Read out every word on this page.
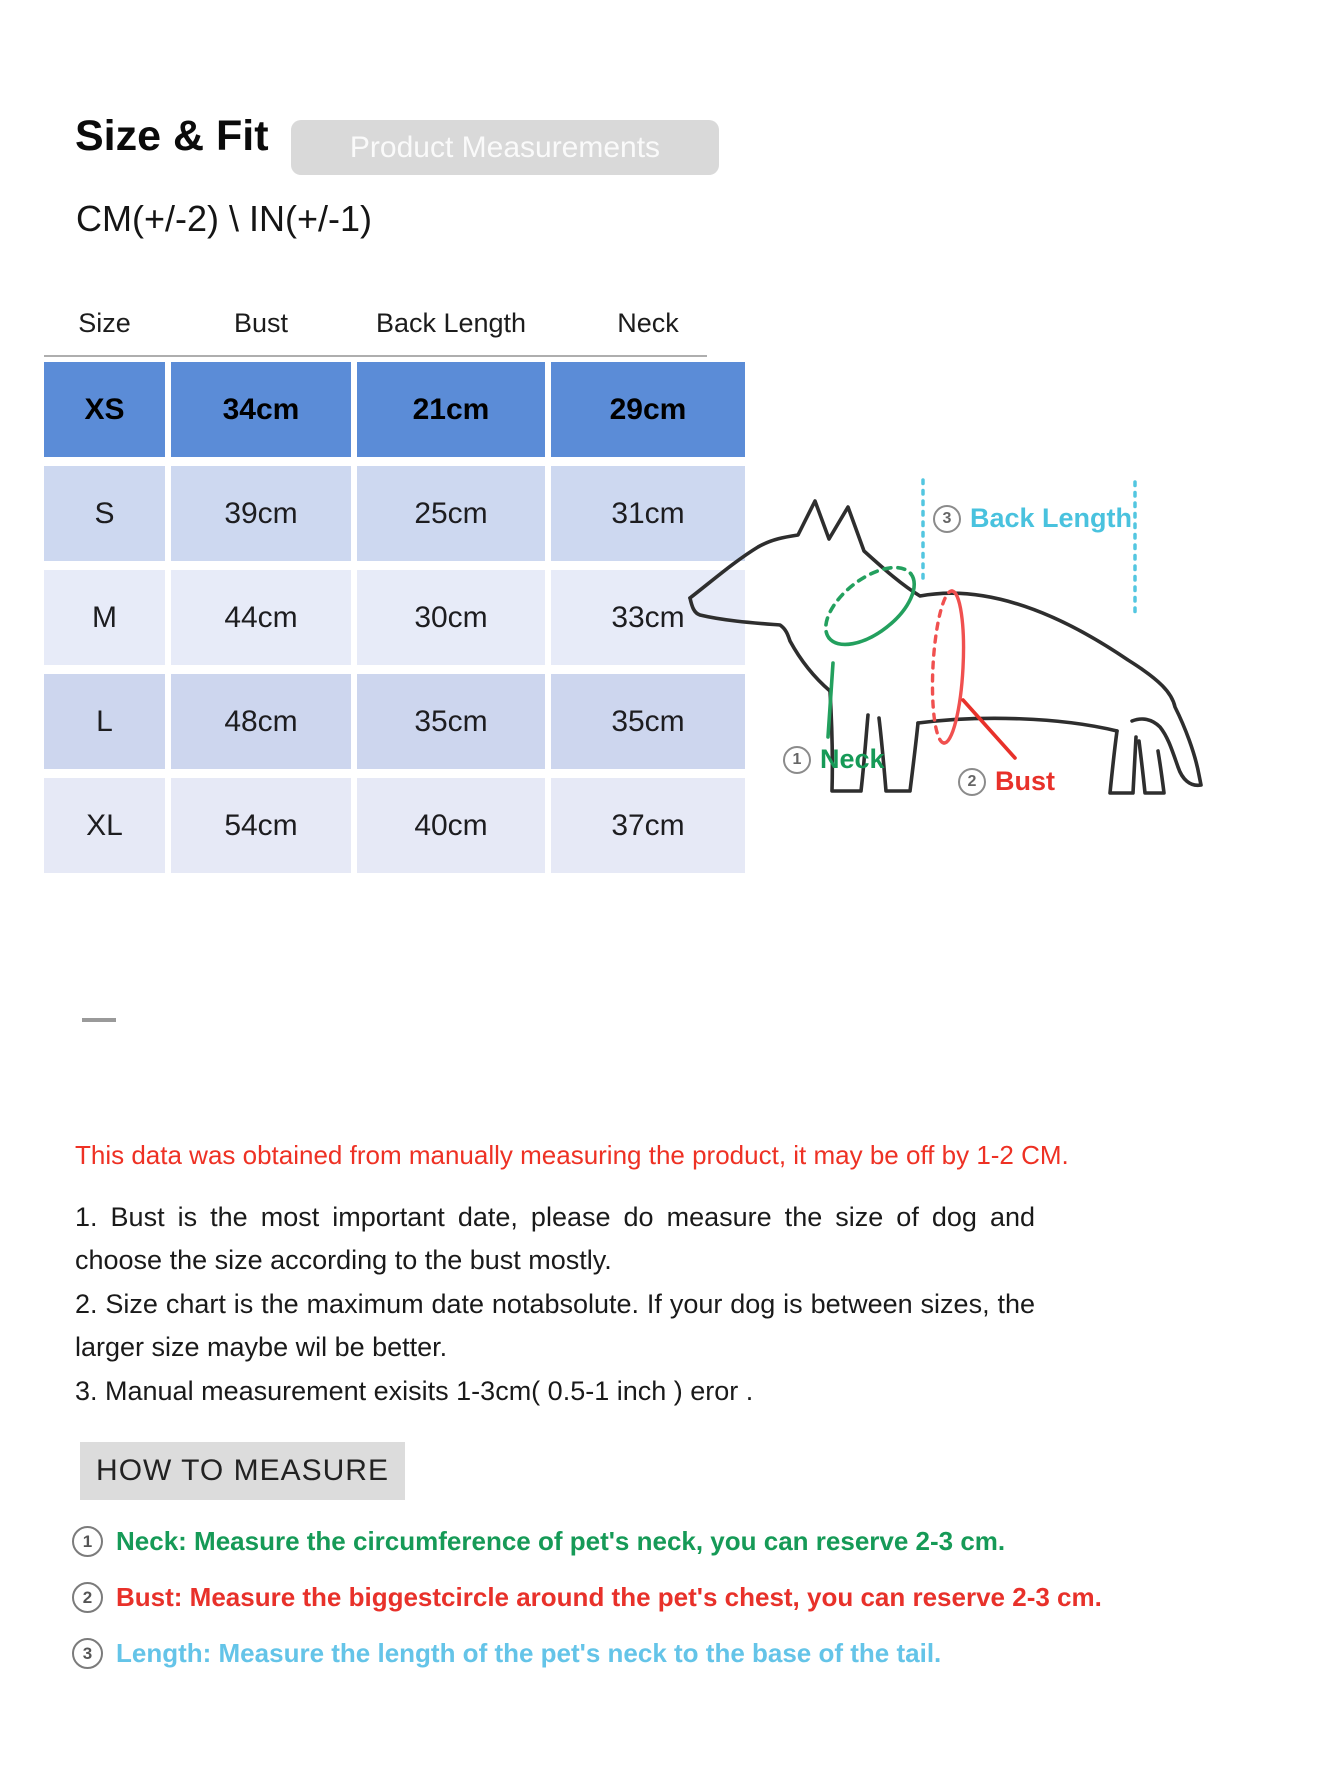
Size & Fit	Product Measurements
CM(+/-2) \ IN(+/-1)
Size	Bust	Back Length	Neck
XS	34cm	21cm	29cm
S	39cm	25cm	31cm
M	44cm	30cm	33cm
L	48cm	35cm	35cm
XL	54cm	40cm	37cm
3 Back Length
1 Neck
2 Bust
This data was obtained from manually measuring the product, it may be off by 1-2 CM.

1. Bust is the most important date, please do measure the size of dog and choose the size according to the bust mostly.

2. Size chart is the maximum date notabsolute. If your dog is between sizes, the larger size maybe wil be better.

3. Manual measurement exisits 1-3cm( 0.5-1 inch ) eror .

HOW TO MEASURE
1 Neck: Measure the circumference of pet's neck, you can reserve 2-3 cm.
2 Bust: Measure the biggestcircle around the pet's chest, you can reserve 2-3 cm.
3 Length: Measure the length of the pet's neck to the base of the tail.
